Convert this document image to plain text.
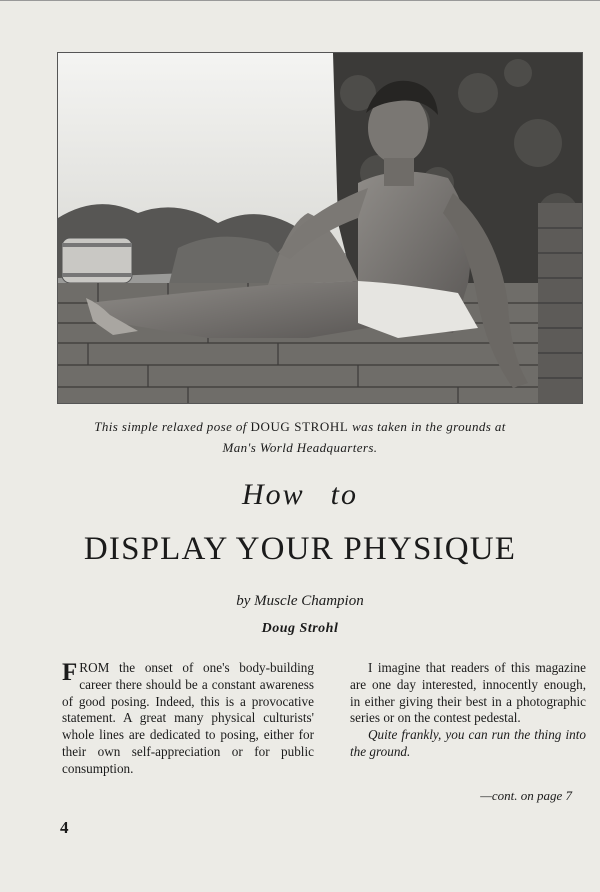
This simple relaxed pose of DOUG STROHL was taken in the grounds at
Man's World Headquarters.
How to
DISPLAY YOUR PHYSIQUE
by Muscle Champion
Doug Strohl
F ROM the onset of one's body-building career there should be a constant awareness of good posing. Indeed, this is a provocative statement. A great many physical culturists' whole lines are dedicated to posing, either for their own self-appreciation or for public consumption.

I imagine that readers of this magazine are one day interested, innocently enough, in either giving their best in a photographic series or on the contest pedestal.

Quite frankly, you can run the thing into the ground.

—cont. on page 7
4
